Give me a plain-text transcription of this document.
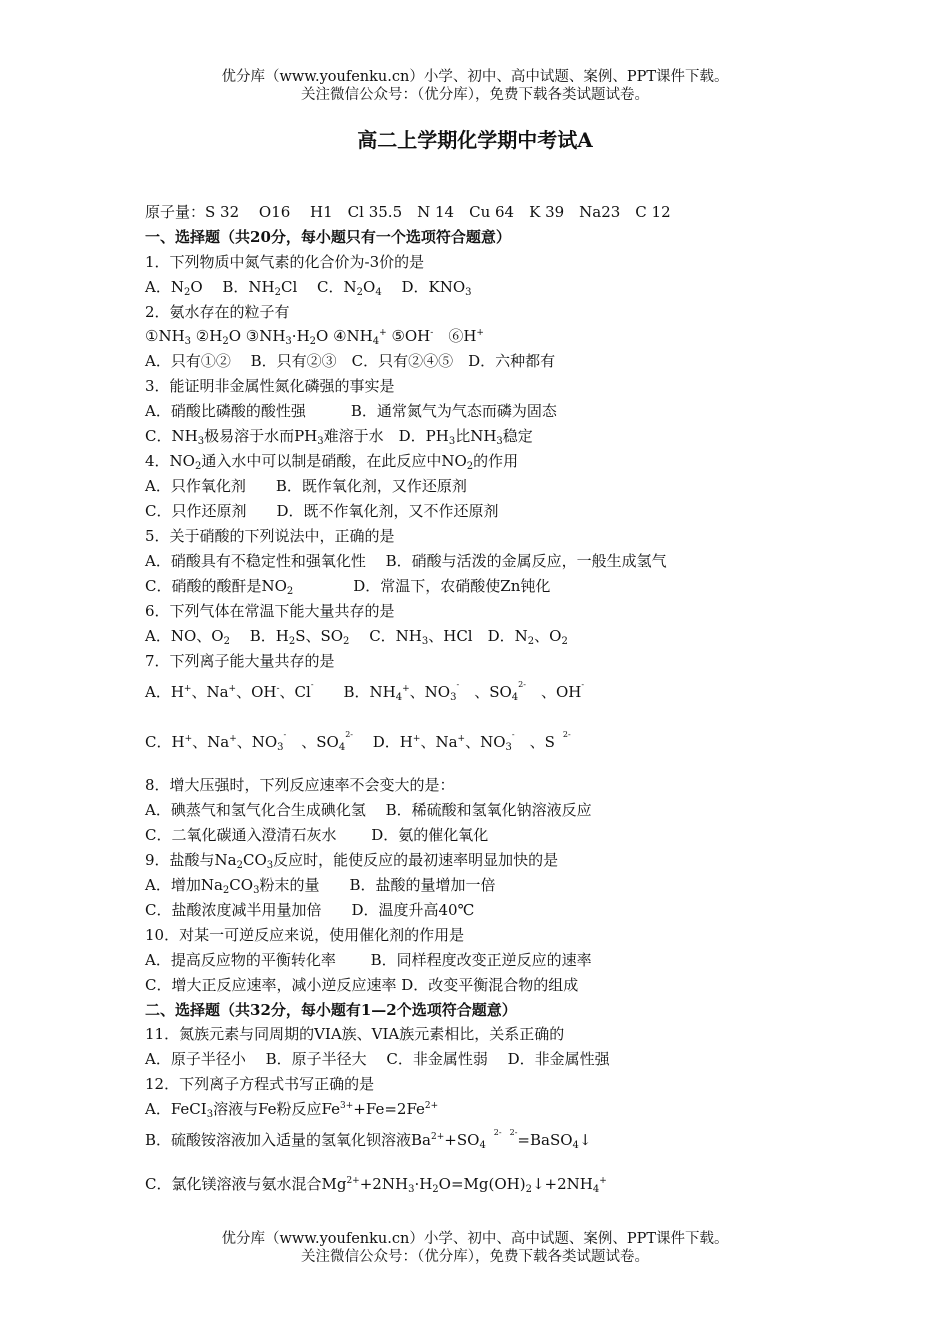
优分库（www.youfenku.cn）小学、初中、高中试题、案例、PPT课件下载。
关注微信公众号：（优分库），免费下载各类试题试卷。
高二上学期化学期中考试A
原子量：S 32　 O16　 H1　Cl 35.5　N 14　Cu 64　K 39　Na23　C 12
一、选择题（共20分，每小题只有一个选项符合题意）
1．下列物质中氮气素的化合价为-3价的是
A．$N_2O$　 B．$NH_2Cl$　 C．$N_2O_4$　 D．$KNO_3$
2．氨水存在的粒子有
$①NH_3$ $②H_2O$ $③NH_3\cdot H_2O$ $④NH_4^+$ ⑤OH-　⑥H+
A．只有①②　 B．只有②③　C．只有②④⑤　D．六种都有
3．能证明非金属性氮化磷强的事实是
A．硝酸比磷酸的酸性强　　　B．通常氮气为气态而磷为固态
C．$NH_3$极易溶于水而$PH_3$难溶于水　D．$PH_3$比$NH_3$稳定
4．$NO_2$通入水中可以制是硝酸，在此反应中$NO_2$的作用
A．只作氧化剂　　B．既作氧化剂，又作还原剂
C．只作还原剂　　D．既不作氧化剂，又不作还原剂
5．关于硝酸的下列说法中，正确的是
A．硝酸具有不稳定性和强氧化性　 B．硝酸与活泼的金属反应，一般生成氢气
C．硝酸的酸酐是$NO_2$　　　　D．常温下，农硝酸使Zn钝化
6．下列气体在常温下能大量共存的是
A．NO、$O_2$　 B．$H_2S$、$SO_2$　 C．$NH_3$、HCl　D．$N_2$、$O_2$
7．下列离子能大量共存的是
A．H+、Na+、OH-、Cl-　　B．$NH_4^+$、$NO_3^-$　、$SO_4^{2-}$　、OH-
C．H+、Na+、$NO_3^-$　、$SO_4^{2-}$　 D．H+、Na+、$NO_3^-$　、S　$^{2-}$
8．增大压强时，下列反应速率不会变大的是：
A．碘蒸气和氢气化合生成碘化氢　 B．稀硫酸和氢氧化钠溶液反应
C．二氧化碳通入澄清石灰水　　 D．氨的催化氧化
9．盐酸与$Na_2CO_3$反应时，能使反应的最初速率明显加快的是
A．增加$Na_2CO_3$粉末的量　　B．盐酸的量增加一倍
C．盐酸浓度减半用量加倍　　D．温度升高40℃
10．对某一可逆反应来说，使用催化剂的作用是
A．提高反应物的平衡转化率　　 B．同样程度改变正逆反应的速率
C．增大正反应速率，减小逆反应速率 D．改变平衡混合物的组成
二、选择题（共32分，每小题有1—2个选项符合题意）
11．氮族元素与同周期的VIA族、VIA族元素相比，关系正确的
A．原子半径小　 B．原子半径大　 C．非金属性弱　 D．非金属性强
12．下列离子方程式书写正确的是
A．FeCI$_3$溶液与Fe粉反应$Fe^{3+}+Fe=2Fe^{2+}$
B．硫酸铵溶液加入适量的氢氧化钡溶液$Ba^{2+}+SO_4$　$^{2- 2-}$=BaSO$_4$↓
C．氯化镁溶液与氨水混合$Mg^{2+}+2NH_3\cdot H_2O=Mg(OH)_2↓+2NH_4^+$
优分库（www.youfenku.cn）小学、初中、高中试题、案例、PPT课件下载。
关注微信公众号：（优分库），免费下载各类试题试卷。
